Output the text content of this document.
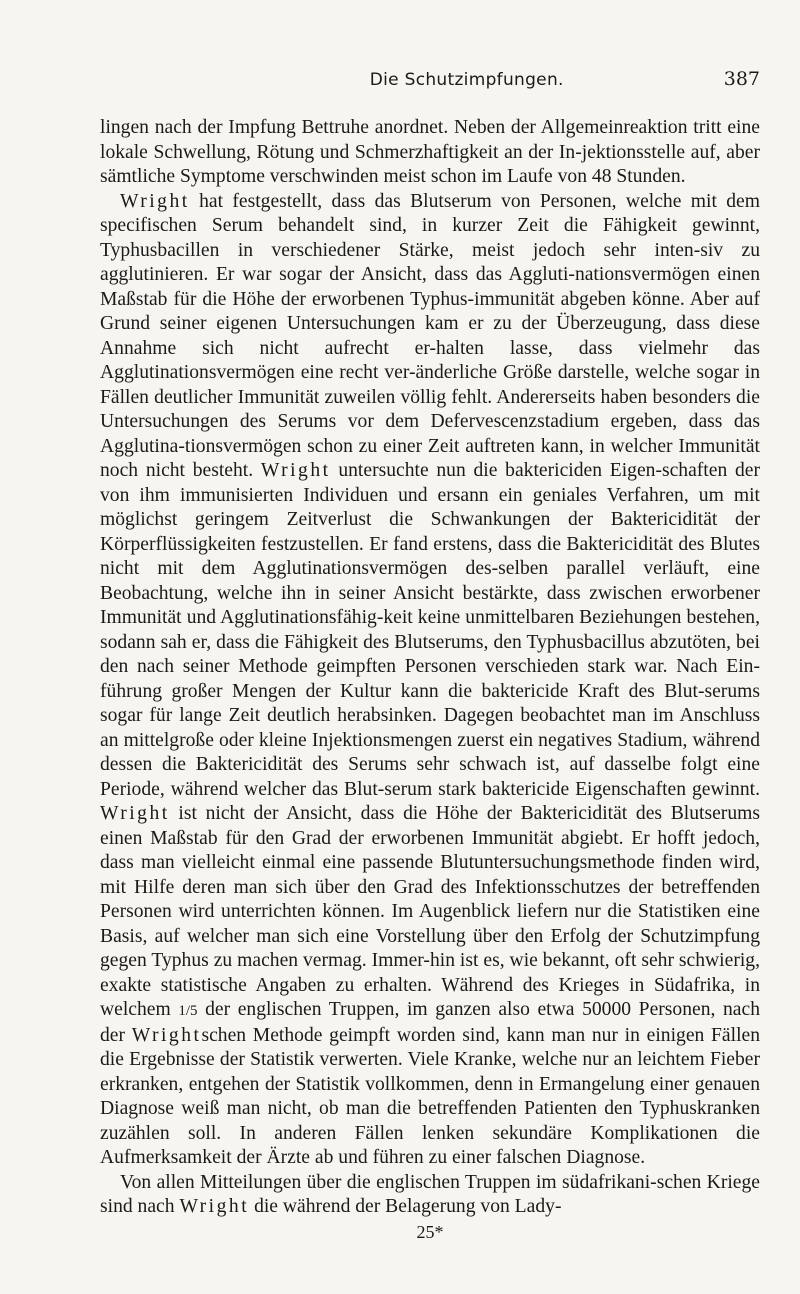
Die Schutzimpfungen.	387

lingen nach der Impfung Bettruhe anordnet. Neben der Allgemeinreaktion tritt eine lokale Schwellung, Rötung und Schmerzhaftigkeit an der In-jektionsstelle auf, aber sämtliche Symptome verschwinden meist schon im Laufe von 48 Stunden.

Wright hat festgestellt, dass das Blutserum von Personen, welche mit dem specifischen Serum behandelt sind, in kurzer Zeit die Fähigkeit gewinnt, Typhusbacillen in verschiedener Stärke, meist jedoch sehr inten-siv zu agglutinieren. Er war sogar der Ansicht, dass das Aggluti-nationsvermögen einen Maßstab für die Höhe der erworbenen Typhus-immunität abgeben könne. Aber auf Grund seiner eigenen Untersuchungen kam er zu der Überzeugung, dass diese Annahme sich nicht aufrecht er-halten lasse, dass vielmehr das Agglutinationsvermögen eine recht ver-änderliche Größe darstelle, welche sogar in Fällen deutlicher Immunität zuweilen völlig fehlt. Andererseits haben besonders die Untersuchungen des Serums vor dem Defervescenzstadium ergeben, dass das Agglutina-tionsvermögen schon zu einer Zeit auftreten kann, in welcher Immunität noch nicht besteht. Wright untersuchte nun die baktericiden Eigen-schaften der von ihm immunisierten Individuen und ersann ein geniales Verfahren, um mit möglichst geringem Zeitverlust die Schwankungen der Baktericidität der Körperflüssigkeiten festzustellen. Er fand erstens, dass die Baktericidität des Blutes nicht mit dem Agglutinationsvermögen des-selben parallel verläuft, eine Beobachtung, welche ihn in seiner Ansicht bestärkte, dass zwischen erworbener Immunität und Agglutinationsfähig-keit keine unmittelbaren Beziehungen bestehen, sodann sah er, dass die Fähigkeit des Blutserums, den Typhusbacillus abzutöten, bei den nach seiner Methode geimpften Personen verschieden stark war. Nach Ein-führung großer Mengen der Kultur kann die baktericide Kraft des Blut-serums sogar für lange Zeit deutlich herabsinken. Dagegen beobachtet man im Anschluss an mittelgroße oder kleine Injektionsmengen zuerst ein negatives Stadium, während dessen die Baktericidität des Serums sehr schwach ist, auf dasselbe folgt eine Periode, während welcher das Blut-serum stark baktericide Eigenschaften gewinnt. Wright ist nicht der Ansicht, dass die Höhe der Baktericidität des Blutserums einen Maßstab für den Grad der erworbenen Immunität abgiebt. Er hofft jedoch, dass man vielleicht einmal eine passende Blutuntersuchungsmethode finden wird, mit Hilfe deren man sich über den Grad des Infektionsschutzes der betreffenden Personen wird unterrichten können. Im Augenblick liefern nur die Statistiken eine Basis, auf welcher man sich eine Vorstellung über den Erfolg der Schutzimpfung gegen Typhus zu machen vermag. Immer-hin ist es, wie bekannt, oft sehr schwierig, exakte statistische Angaben zu erhalten. Während des Krieges in Südafrika, in welchem 1/5 der englischen Truppen, im ganzen also etwa 50000 Personen, nach der Wrightschen Methode geimpft worden sind, kann man nur in einigen Fällen die Ergebnisse der Statistik verwerten. Viele Kranke, welche nur an leichtem Fieber erkranken, entgehen der Statistik vollkommen, denn in Ermangelung einer genauen Diagnose weiß man nicht, ob man die betreffenden Patienten den Typhuskranken zuzählen soll. In anderen Fällen lenken sekundäre Komplikationen die Aufmerksamkeit der Ärzte ab und führen zu einer falschen Diagnose.

Von allen Mitteilungen über die englischen Truppen im südafrikani-schen Kriege sind nach Wright die während der Belagerung von Lady-

25*
